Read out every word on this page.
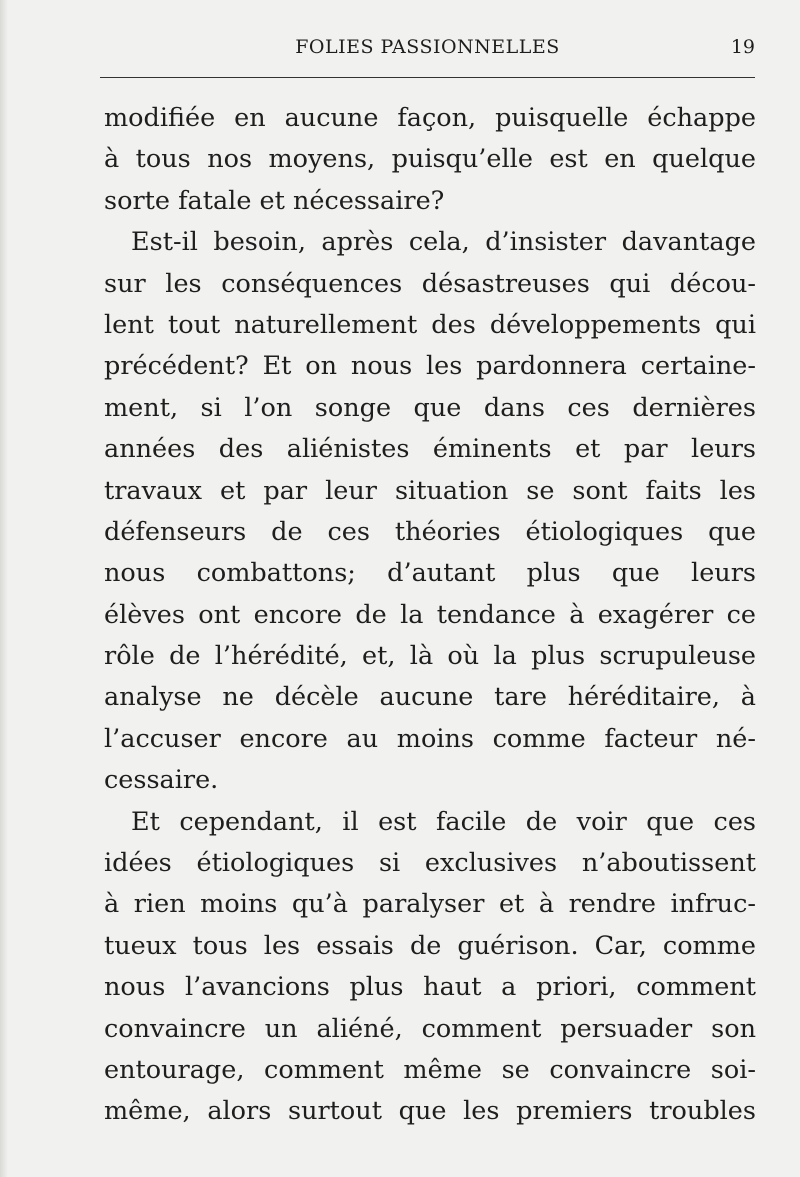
FOLIES PASSIONNELLES	19
modifiée en aucune façon, puisquelle échappe
à tous nos moyens, puisqu’elle est en quelque
sorte fatale et nécessaire?
Est-il besoin, après cela, d’insister davantage
sur les conséquences désastreuses qui décou-
lent tout naturellement des développements qui
précédent? Et on nous les pardonnera certaine-
ment, si l’on songe que dans ces dernières
années des aliénistes éminents et par leurs
travaux et par leur situation se sont faits les
défenseurs de ces théories étiologiques que
nous combattons; d’autant plus que leurs
élèves ont encore de la tendance à exagérer ce
rôle de l’hérédité, et, là où la plus scrupuleuse
analyse ne décèle aucune tare héréditaire, à
l’accuser encore au moins comme facteur né-
cessaire.
Et cependant, il est facile de voir que ces
idées étiologiques si exclusives n’aboutissent
à rien moins qu’à paralyser et à rendre infruc-
tueux tous les essais de guérison. Car, comme
nous l’avancions plus haut a priori, comment
convaincre un aliéné, comment persuader son
entourage, comment même se convaincre soi-
même, alors surtout que les premiers troubles
